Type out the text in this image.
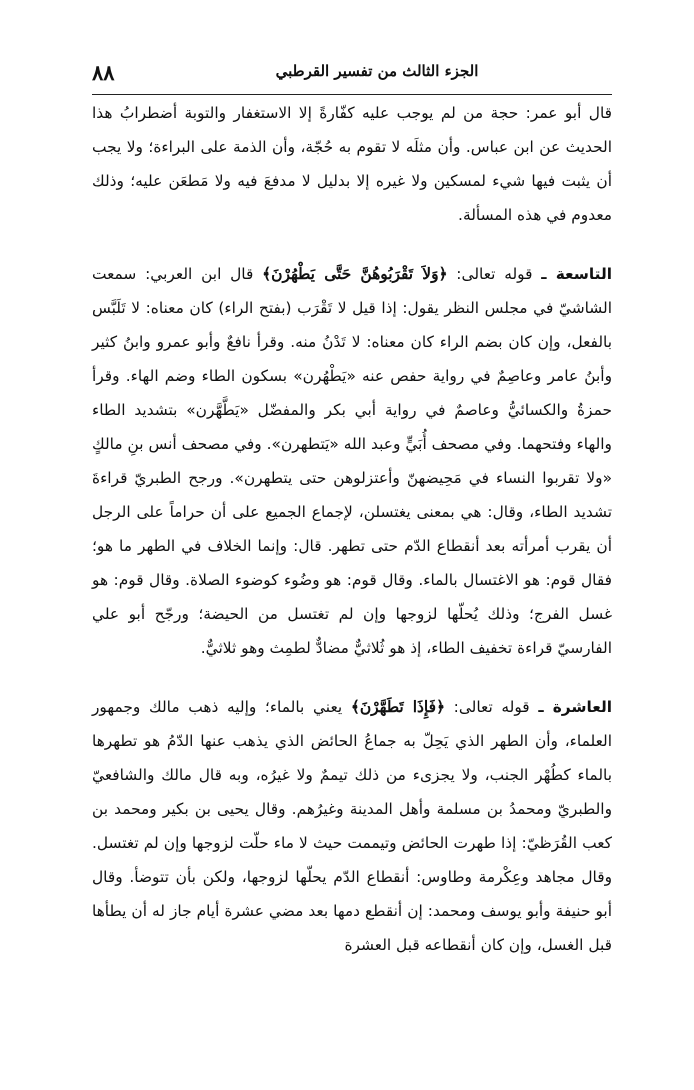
٨٨	الجزء الثالث من تفسير القرطبي

قال أبو عمر: حجة من لم يوجب عليه كفّارةً إلا الاستغفار والتوبة أضطرابُ هذا الحديث عن ابن عباس. وأن مثلَه لا تقوم به حُجّة، وأن الذمة على البراءة؛ ولا يجب أن يثبت فيها شيء لمسكين ولا غيره إلا بدليل لا مدفعَ فيه ولا مَطعَن عليه؛ وذلك معدوم في هذه المسألة.

التاسعة ـ قوله تعالى: ﴿وَلاَ تَقْرَبُوهُنَّ حَتَّى يَطْهُرْنَ﴾ قال ابن العربي: سمعت الشاشيّ في مجلس النظر يقول: إذا قيل لا تَقْرَب (بفتح الراء) كان معناه: لا تَلَبَّس بالفعل، وإن كان بضم الراء كان معناه: لا تَدْنُ منه. وقرأ نافعٌ وأبو عمرو وابنُ كثير وأبنُ عامر وعاصِمٌ في رواية حفص عنه «يَطْهُرن» بسكون الطاء وضم الهاء. وقرأ حمزةُ والكسائيُّ وعاصمٌ في رواية أبي بكر والمفضّل «يَطَّهَّرن» بتشديد الطاء والهاء وفتحهما. وفي مصحف أُبَيٍّ وعبد الله «يَتطهرن». وفي مصحف أنس بنِ مالكٍ «ولا تقربوا النساء في مَحِيضهنّ وأعتزلوهن حتى يتطهرن». ورجح الطبريّ قراءةَ تشديد الطاء، وقال: هي بمعنى يغتسلن، لإجماع الجميع على أن حراماً على الرجل أن يقرب أمرأته بعد أنقطاع الدّم حتى تطهر. قال: وإنما الخلاف في الطهر ما هو؛ فقال قوم: هو الاغتسال بالماء. وقال قوم: هو وضُوء كوضوء الصلاة. وقال قوم: هو غسل الفرج؛ وذلك يُحلّها لزوجها وإن لم تغتسل من الحيضة؛ ورجّح أبو علي الفارسيّ قراءة تخفيف الطاء، إذ هو ثُلاثيٌّ مضادٌّ لطمِث وهو ثلاثيٌّ.

العاشرة ـ قوله تعالى: ﴿فَإِذَا تَطَهَّرْنَ﴾ يعني بالماء؛ وإليه ذهب مالك وجمهور العلماء، وأن الطهر الذي يَحِلّ به جماعُ الحائض الذي يذهب عنها الدّمُ هو تطهرها بالماء كطُهْر الجنب، ولا يجزىء من ذلك تيممٌ ولا غيرُه، وبه قال مالك والشافعيّ والطبريّ ومحمدُ بن مسلمة وأهل المدينة وغيرُهم. وقال يحيى بن بكير ومحمد بن كعب القُرَظيّ: إذا طهرت الحائض وتيممت حيث لا ماء حلّت لزوجها وإن لم تغتسل. وقال مجاهد وعِكْرمة وطاوس: أنقطاع الدّم يحلّها لزوجها، ولكن بأن تتوضأ. وقال أبو حنيفة وأبو يوسف ومحمد: إن أنقطع دمها بعد مضي عشرة أيام جاز له أن يطأها قبل الغسل، وإن كان أنقطاعه قبل العشرة
